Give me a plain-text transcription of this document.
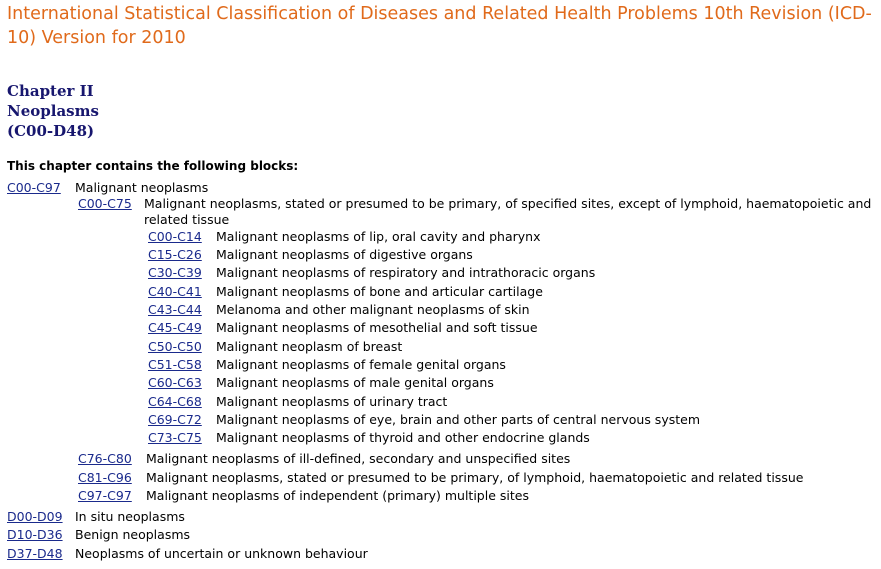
International Statistical Classification of Diseases and Related Health Problems 10th Revision (ICD-10) Version for 2010
Chapter II
Neoplasms
(C00-D48)
This chapter contains the following blocks:
C00-C97 Malignant neoplasms
C00-C75 Malignant neoplasms, stated or presumed to be primary, of specified sites, except of lymphoid, haematopoietic and related tissue
C00-C14 Malignant neoplasms of lip, oral cavity and pharynx
C15-C26 Malignant neoplasms of digestive organs
C30-C39 Malignant neoplasms of respiratory and intrathoracic organs
C40-C41 Malignant neoplasms of bone and articular cartilage
C43-C44 Melanoma and other malignant neoplasms of skin
C45-C49 Malignant neoplasms of mesothelial and soft tissue
C50-C50 Malignant neoplasm of breast
C51-C58 Malignant neoplasms of female genital organs
C60-C63 Malignant neoplasms of male genital organs
C64-C68 Malignant neoplasms of urinary tract
C69-C72 Malignant neoplasms of eye, brain and other parts of central nervous system
C73-C75 Malignant neoplasms of thyroid and other endocrine glands
C76-C80 Malignant neoplasms of ill-defined, secondary and unspecified sites
C81-C96 Malignant neoplasms, stated or presumed to be primary, of lymphoid, haematopoietic and related tissue
C97-C97 Malignant neoplasms of independent (primary) multiple sites
D00-D09 In situ neoplasms
D10-D36 Benign neoplasms
D37-D48 Neoplasms of uncertain or unknown behaviour
